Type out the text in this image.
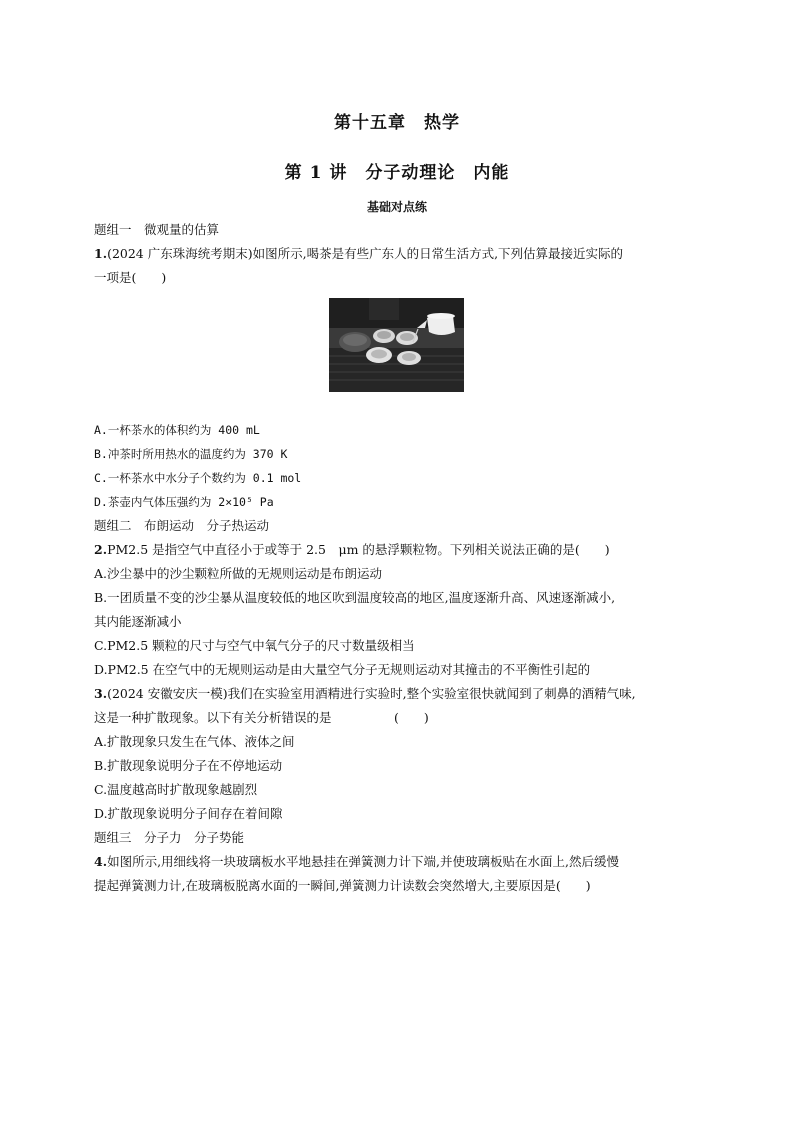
第十五章　热学
第 1 讲　分子动理论　内能
基础对点练

题组一　微观量的估算

1.(2024 广东珠海统考期末)如图所示,喝茶是有些广东人的日常生活方式,下列估算最接近实际的

一项是(　　)

A.一杯茶水的体积约为 400 mL

B.冲茶时所用热水的温度约为 370 K

C.一杯茶水中水分子个数约为 0.1 mol

D.茶壶内气体压强约为 2×10⁵ Pa

题组二　布朗运动　分子热运动

2.PM2.5 是指空气中直径小于或等于 2.5　μm 的悬浮颗粒物。下列相关说法正确的是(　　)

A.沙尘暴中的沙尘颗粒所做的无规则运动是布朗运动

B.一团质量不变的沙尘暴从温度较低的地区吹到温度较高的地区,温度逐渐升高、风速逐渐减小,

其内能逐渐减小

C.PM2.5 颗粒的尺寸与空气中氧气分子的尺寸数量级相当

D.PM2.5 在空气中的无规则运动是由大量空气分子无规则运动对其撞击的不平衡性引起的

3.(2024 安徽安庆一模)我们在实验室用酒精进行实验时,整个实验室很快就闻到了刺鼻的酒精气味,

这是一种扩散现象。以下有关分析错误的是　　　　　(　　)

A.扩散现象只发生在气体、液体之间

B.扩散现象说明分子在不停地运动

C.温度越高时扩散现象越剧烈

D.扩散现象说明分子间存在着间隙

题组三　分子力　分子势能

4.如图所示,用细线将一块玻璃板水平地悬挂在弹簧测力计下端,并使玻璃板贴在水面上,然后缓慢

提起弹簧测力计,在玻璃板脱离水面的一瞬间,弹簧测力计读数会突然增大,主要原因是(　　)
